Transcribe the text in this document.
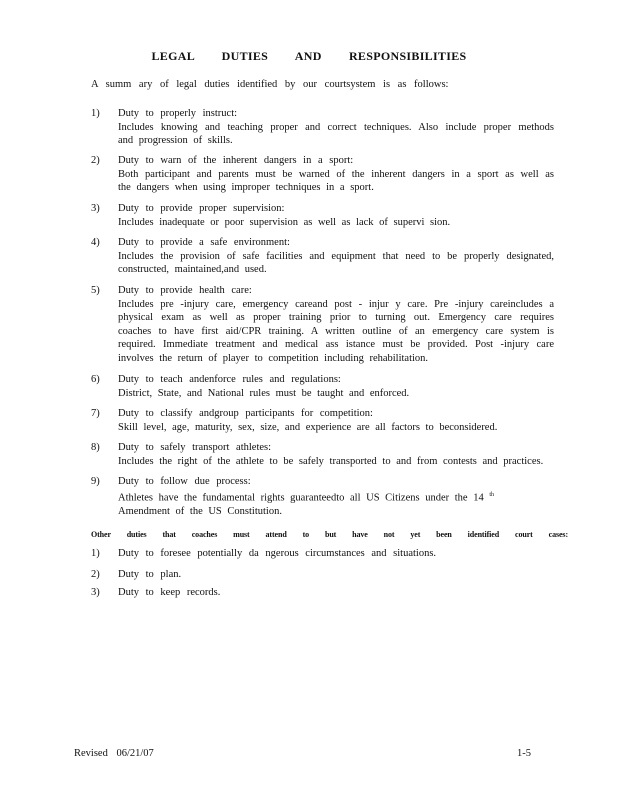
LEGAL DUTIES AND RESPONSIBILITIES
A summ ary of legal duties identified by our courtsystem is as follows:
1) Duty to properly instruct:
Includes knowing and teaching proper and correct techniques. Also include proper methods and progression of skills.
2) Duty to warn of the inherent dangers in a sport:
Both participant and parents must be warned of the inherent dangers in a sport as well as the dangers when using improper techniques in a sport.
3) Duty to provide proper supervision:
Includes inadequate or poor supervision as well as lack of supervi sion.
4) Duty to provide a safe environment:
Includes the provision of safe facilities and equipment that need to be properly designated, constructed, maintained,and used.
5) Duty to provide health care:
Includes pre -injury care, emergency careand post - injur y care. Pre -injury careincludes a physical exam as well as proper training prior to turning out. Emergency care requires coaches to have first aid/CPR training. A written outline of an emergency care system is required. Immediate treatment and medical ass istance must be provided. Post -injury care involves the return of player to competition including rehabilitation.
6) Duty to teach andenforce rules and regulations:
District, State, and National rules must be taught and enforced.
7) Duty to classify andgroup participants for competition:
Skill level, age, maturity, sex, size, and experience are all factors to beconsidered.
8) Duty to safely transport athletes:
Includes the right of the athlete to be safely transported to and from contests and practices.
9) Duty to follow due process:
Athletes have the fundamental rights guaranteedto all US Citizens under the 14 $^{th}$
Amendment of the US Constitution.
Other duties that coaches must attend to but have not yet been identified court cases:
1) Duty to foresee potentially da ngerous circumstances and situations.
2) Duty to plan.
3) Duty to keep records.
Revised 06/21/07	1-5
